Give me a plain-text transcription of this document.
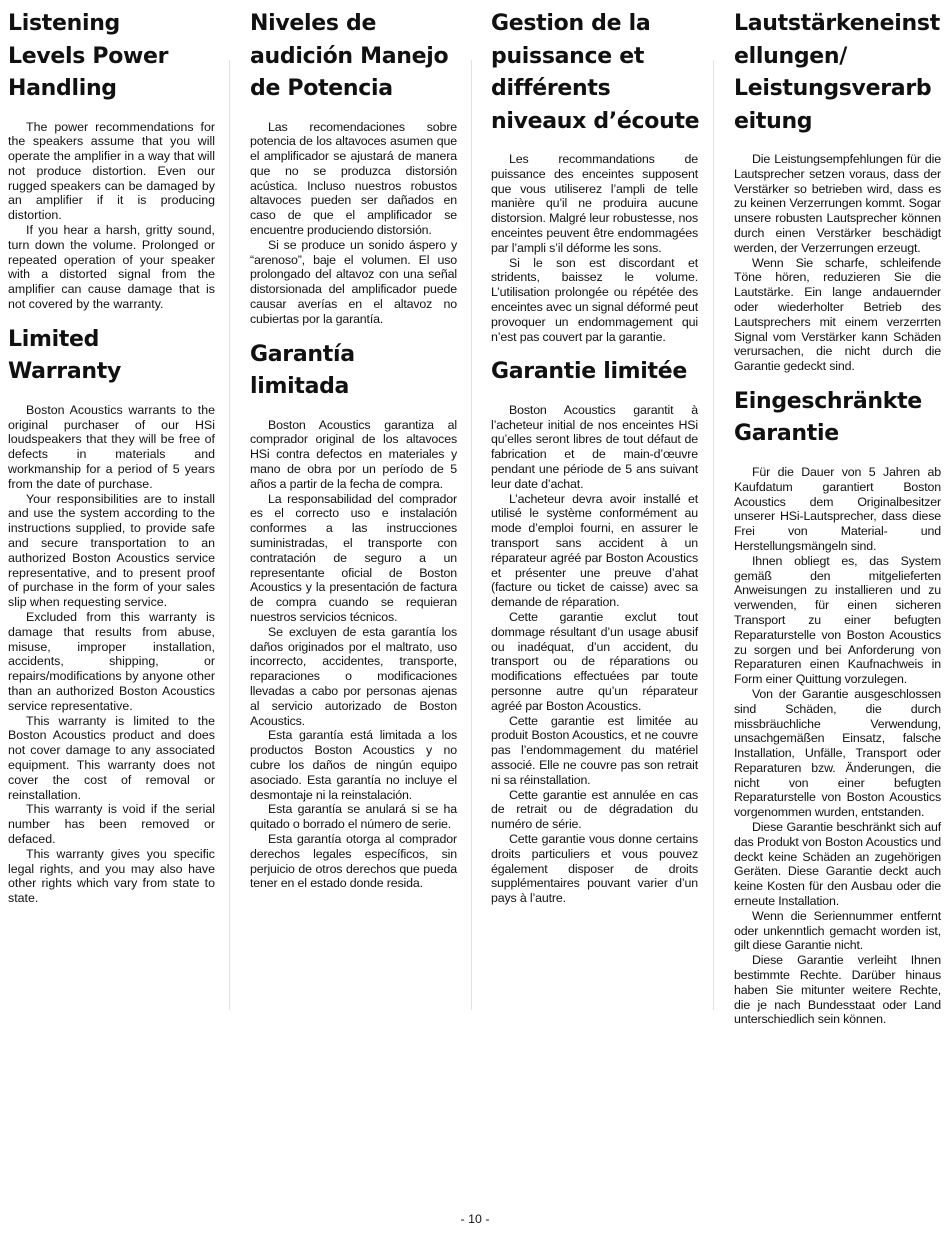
Listening Levels Power Handling

The power recommendations for the speakers assume that you will operate the amplifier in a way that will not produce distortion. Even our rugged speakers can be damaged by an amplifier if it is producing distortion.

If you hear a harsh, gritty sound, turn down the volume. Prolonged or repeated operation of your speaker with a distorted signal from the amplifier can cause damage that is not covered by the warranty.

Limited Warranty

Boston Acoustics warrants to the original purchaser of our HSi loudspeakers that they will be free of defects in materials and workmanship for a period of 5 years from the date of purchase.

Your responsibilities are to install and use the system according to the instructions supplied, to provide safe and secure transportation to an authorized Boston Acoustics service representative, and to present proof of purchase in the form of your sales slip when requesting service.

Excluded from this warranty is damage that results from abuse, misuse, improper installation, accidents, shipping, or repairs/modifications by anyone other than an authorized Boston Acoustics service representative.

This warranty is limited to the Boston Acoustics product and does not cover damage to any associated equipment. This warranty does not cover the cost of removal or reinstallation.

This warranty is void if the serial number has been removed or defaced.

This warranty gives you specific legal rights, and you may also have other rights which vary from state to state.

Niveles de audición Manejo de Potencia

Las recomendaciones sobre potencia de los altavoces asumen que el amplificador se ajustará de manera que no se produzca distorsión acústica. Incluso nuestros robustos altavoces pueden ser dañados en caso de que el amplificador se encuentre produciendo distorsión.

Si se produce un sonido áspero y “arenoso”, baje el volumen. El uso prolongado del altavoz con una señal distorsionada del amplificador puede causar averías en el altavoz no cubiertas por la garantía.

Garantía limitada

Boston Acoustics garantiza al comprador original de los altavoces HSi contra defectos en materiales y mano de obra por un período de 5 años a partir de la fecha de compra.

La responsabilidad del comprador es el correcto uso e instalación conformes a las instrucciones suministradas, el transporte con contratación de seguro a un representante oficial de Boston Acoustics y la presentación de factura de compra cuando se requieran nuestros servicios técnicos.

Se excluyen de esta garantía los daños originados por el maltrato, uso incorrecto, accidentes, transporte, reparaciones o modificaciones llevadas a cabo por personas ajenas al servicio autorizado de Boston Acoustics.

Esta garantía está limitada a los productos Boston Acoustics y no cubre los daños de ningún equipo asociado. Esta garantía no incluye el desmontaje ni la reinstalación.

Esta garantía se anulará si se ha quitado o borrado el número de serie.

Esta garantía otorga al comprador derechos legales específicos, sin perjuicio de otros derechos que pueda tener en el estado donde resida.

Gestion de la puissance et différents niveaux d’écoute

Les recommandations de puissance des enceintes supposent que vous utiliserez l’ampli de telle manière qu’il ne produira aucune distorsion. Malgré leur robustesse, nos enceintes peuvent être endommagées par l’ampli s’il déforme les sons.

Si le son est discordant et stridents, baissez le volume. L’utilisation prolongée ou répétée des enceintes avec un signal déformé peut provoquer un endommagement qui n’est pas couvert par la garantie.

Garantie limitée

Boston Acoustics garantit à l’acheteur initial de nos enceintes HSi qu’elles seront libres de tout défaut de fabrication et de main-d’œuvre pendant une période de 5 ans suivant leur date d’achat.

L’acheteur devra avoir installé et utilisé le système conformément au mode d’emploi fourni, en assurer le transport sans accident à un réparateur agréé par Boston Acoustics et présenter une preuve d’ahat (facture ou ticket de caisse) avec sa demande de réparation.

Cette garantie exclut tout dommage résultant d’un usage abusif ou inadéquat, d’un accident, du transport ou de réparations ou modifications effectuées par toute personne autre qu’un réparateur agréé par Boston Acoustics.

Cette garantie est limitée au produit Boston Acoustics, et ne couvre pas l’endommagement du matériel associé. Elle ne couvre pas son retrait ni sa réinstallation.

Cette garantie est annulée en cas de retrait ou de dégradation du numéro de série.

Cette garantie vous donne certains droits particuliers et vous pouvez également disposer de droits supplémentaires pouvant varier d’un pays à l’autre.

Lautstärkeneinstellungen/ Leistungsverarbeitung

Die Leistungsempfehlungen für die Lautsprecher setzen voraus, dass der Verstärker so betrieben wird, dass es zu keinen Verzerrungen kommt. Sogar unsere robusten Lautsprecher können durch einen Verstärker beschädigt werden, der Verzerrungen erzeugt.

Wenn Sie scharfe, schleifende Töne hören, reduzieren Sie die Lautstärke. Ein lange andauernder oder wiederholter Betrieb des Lautsprechers mit einem verzerrten Signal vom Verstärker kann Schäden verursachen, die nicht durch die Garantie gedeckt sind.

Eingeschränkte Garantie

Für die Dauer von 5 Jahren ab Kaufdatum garantiert Boston Acoustics dem Originalbesitzer unserer HSi-Lautsprecher, dass diese Frei von Material- und Herstellungsmängeln sind.

Ihnen obliegt es, das System gemäß den mitgelieferten Anweisungen zu installieren und zu verwenden, für einen sicheren Transport zu einer befugten Reparaturstelle von Boston Acoustics zu sorgen und bei Anforderung von Reparaturen einen Kaufnachweis in Form einer Quittung vorzulegen.

Von der Garantie ausgeschlossen sind Schäden, die durch missbräuchliche Verwendung, unsachgemäßen Einsatz, falsche Installation, Unfälle, Transport oder Reparaturen bzw. Änderungen, die nicht von einer befugten Reparaturstelle von Boston Acoustics vorgenommen wurden, entstanden.

Diese Garantie beschränkt sich auf das Produkt von Boston Acoustics und deckt keine Schäden an zugehörigen Geräten. Diese Garantie deckt auch keine Kosten für den Ausbau oder die erneute Installation.

Wenn die Seriennummer entfernt oder unkenntlich gemacht worden ist, gilt diese Garantie nicht.

Diese Garantie verleiht Ihnen bestimmte Rechte. Darüber hinaus haben Sie mitunter weitere Rechte, die je nach Bundesstaat oder Land unterschiedlich sein können.

- 10 -
